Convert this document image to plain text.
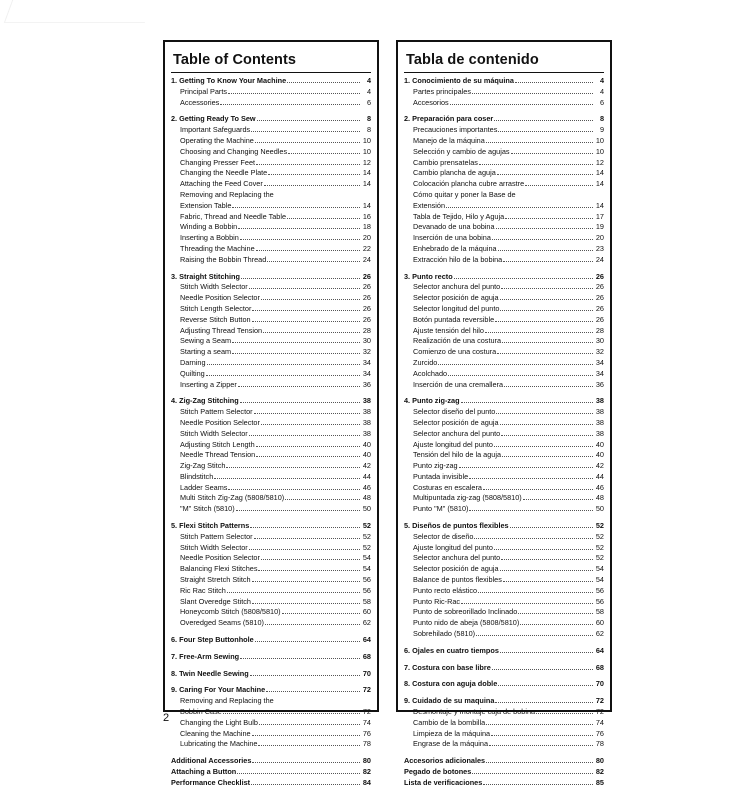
Table of Contents
1. Getting To Know Your Machine	4
Principal Parts	4
Accessories	6
2. Getting Ready To Sew	8
Important Safeguards	8
Operating the Machine	10
Choosing and Changing Needles	10
Changing Presser Feet	12
Changing the Needle Plate	14
Attaching the Feed Cover	14
Removing and Replacing the
Extension Table	14
Fabric, Thread and Needle Table	16
Winding a Bobbin	18
Inserting a Bobbin	20
Threading the Machine	22
Raising the Bobbin Thread	24
3. Straight Stitching	26
Stitch Width Selector	26
Needle Position Selector	26
Stitch Length Selector	26
Reverse Stitch Button	26
Adjusting Thread Tension	28
Sewing a Seam	30
Starting a seam	32
Darning	34
Quilting	34
Inserting a Zipper	36
4. Zig-Zag Stitching	38
Stitch Pattern Selector	38
Needle Position Selector	38
Stitch Width Selector	38
Adjusting Stitch Length	40
Needle Thread Tension	40
Zig-Zag Stitch	42
Blindstitch	44
Ladder Seams	46
Multi Stitch Zig-Zag (5808/5810)	48
"M" Stitch (5810)	50
5. Flexi Stitch Patterns	52
Stitch Pattern Selector	52
Stitch Width Selector	52
Needle Position Selector	54
Balancing Flexi Stitches	54
Straight Stretch Stitch	56
Ric Rac Stitch	56
Slant Overedge Stitch	58
Honeycomb Stitch (5808/5810)	60
Overedged Seams (5810)	62
6. Four Step Buttonhole	64
7. Free-Arm Sewing	68
8. Twin Needle Sewing	70
9. Caring For Your Machine	72
Removing and Replacing the
Bobbin Case	72
Changing the Light Bulb	74
Cleaning the Machine	76
Lubricating the Machine	78
Additional Accessories	80
Attaching a Button	82
Performance Checklist	84
Tabla de contenido
1. Conocimiento de su máquina	4
Partes principales	4
Accesorios	6
2. Preparación para coser	8
Precauciones importantes	9
Manejo de la máquina	10
Selección y cambio de agujas	10
Cambio prensatelas	12
Cambio plancha de aguja	14
Colocación plancha cubre arrastre	14
Cómo quitar y poner la Base de
Extensión	14
Tabla de Tejido, Hilo y Aguja	17
Devanado de una bobina	19
Inserción de una bobina	20
Enhebrado de la máquina	23
Extracción hilo de la bobina	24
3. Punto recto	26
Selector anchura del punto	26
Selector posición de aguja	26
Selector longitud del punto	26
Botón puntada reversible	26
Ajuste tensión del hilo	28
Realización de una costura	30
Comienzo de una costura	32
Zurcido	34
Acolchado	34
Inserción de una cremallera	36
4. Punto zig-zag	38
Selector diseño del punto	38
Selector posición de aguja	38
Selector anchura del punto	38
Ajuste longitud del punto	40
Tensión del hilo de la aguja	40
Punto zig-zag	42
Puntada invisible	44
Costuras en escalera	46
Multipuntada zig-zag (5808/5810)	48
Punto "M" (5810)	50
5. Diseños de puntos flexibles	52
Selector de diseño	52
Ajuste longitud del punto	52
Selector anchura del punto	52
Selector posición de aguja	54
Balance de puntos flexibles	54
Punto recto elástico	56
Punto Ric-Rac	56
Punto de sobreorillado Inclinado	58
Punto nido de abeja (5808/5810)	60
Sobrehilado (5810)	62
6. Ojales en cuatro tiempos	64
7. Costura con base libre	68
8. Costura con aguja doble	70
9. Cuidado de su maquina	72
Desmontaje y montaje caja de bobina	72
Cambio de la bombilla	74
Limpieza de la máquina	76
Engrase de la máquina	78
Accesorios adicionales	80
Pegado de botones	82
Lista de verificaciones	85
2
